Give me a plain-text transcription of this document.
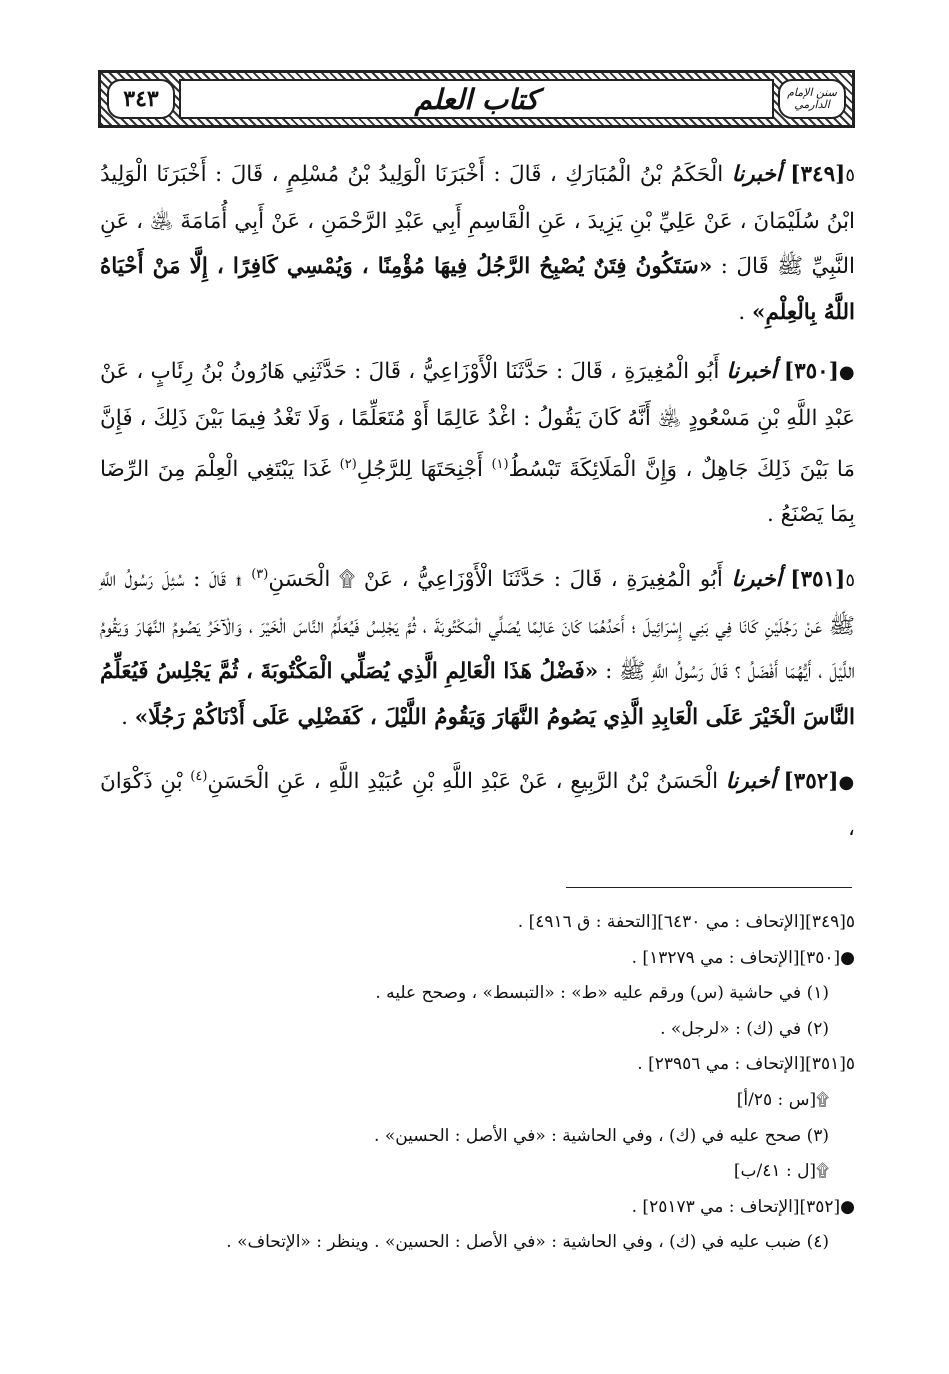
سنن الإمام الدارمي
كتاب العلم
٣٤٣

٥[٣٤٩] أخبرنا الْحَكَمُ بْنُ الْمُبَارَكِ ، قَالَ : أَخْبَرَنَا الْوَلِيدُ بْنُ مُسْلِمٍ ، قَالَ : أَخْبَرَنَا الْوَلِيدُ ابْنُ سُلَيْمَانَ ، عَنْ عَلِيِّ بْنِ يَزِيدَ ، عَنِ الْقَاسِمِ أَبِي عَبْدِ الرَّحْمَنِ ، عَنْ أَبِي أُمَامَةَ ﵁ ، عَنِ النَّبِيِّ ﷺ قَالَ : «سَتَكُونُ فِتَنٌ يُصْبِحُ الرَّجُلُ فِيهَا مُؤْمِنًا ، وَيُمْسِي كَافِرًا ، إِلَّا مَنْ أَحْيَاهُ اللَّهُ بِالْعِلْمِ» .

●[٣٥٠] أخبرنا أَبُو الْمُغِيرَةِ ، قَالَ : حَدَّثَنَا الْأَوْزَاعِيُّ ، قَالَ : حَدَّثَنِي هَارُونُ بْنُ رِئَابٍ ، عَنْ عَبْدِ اللَّهِ بْنِ مَسْعُودٍ ﵁ أَنَّهُ كَانَ يَقُولُ : اغْدُ عَالِمًا أَوْ مُتَعَلِّمًا ، وَلَا تَغْدُ فِيمَا بَيْنَ ذَلِكَ ، فَإِنَّ مَا بَيْنَ ذَلِكَ جَاهِلٌ ، وَإِنَّ الْمَلَائِكَةَ تَبْسُطُ$^{(١)}$ أَجْنِحَتَهَا لِلرَّجُلِ$^{(٢)}$ غَدَا يَبْتَغِي الْعِلْمَ مِنَ الرِّضَا بِمَا يَصْنَعُ .

٥[٣٥١] أخبرنا أَبُو الْمُغِيرَةِ ، قَالَ : حَدَّثَنَا الْأَوْزَاعِيُّ ، عَنْ ۩ الْحَسَنِ$^{(٣)}$ ۩ قَالَ : سُئِلَ رَسُولُ اللَّهِ ﷺ عَنْ رَجُلَيْنِ كَانَا فِي بَنِي إِسْرَائِيلَ ؛ أَحَدُهُمَا كَانَ عَالِمًا يُصَلِّي الْمَكْتُوبَةَ ، ثُمَّ يَجْلِسُ فَيُعَلِّمُ النَّاسَ الْخَيْرَ ، وَالْآخَرُ يَصُومُ النَّهَارَ وَيَقُومُ اللَّيْلَ ، أَيُّهُمَا أَفْضَلُ ؟ قَالَ رَسُولُ اللَّهِ ﷺ : «فَضْلُ هَذَا الْعَالِمِ الَّذِي يُصَلِّي الْمَكْتُوبَةَ ، ثُمَّ يَجْلِسُ فَيُعَلِّمُ النَّاسَ الْخَيْرَ عَلَى الْعَابِدِ الَّذِي يَصُومُ النَّهَارَ وَيَقُومُ اللَّيْلَ ، كَفَضْلِي عَلَى أَدْنَاكُمْ رَجُلًا» .

●[٣٥٢] أخبرنا الْحَسَنُ بْنُ الرَّبِيعِ ، عَنْ عَبْدِ اللَّهِ بْنِ عُبَيْدِ اللَّهِ ، عَنِ الْحَسَنِ$^{(٤)}$ بْنِ ذَكْوَانَ ،

٥[٣٤٩][الإتحاف : مي ٦٤٣٠][التحفة : ق ٤٩١٦] .

●[٣٥٠][الإتحاف : مي ١٣٢٧٩] .

(١) في حاشية (س) ورقم عليه «ط» : «التبسط» ، وصحح عليه .

(٢) في (ك) : «لرجل» .

٥[٣٥١][الإتحاف : مي ٢٣٩٥٦] .

۩[س : ٢٥/أ]

(٣) صحح عليه في (ك) ، وفي الحاشية : «في الأصل : الحسين» .

۩[ل : ٤١/ب]

●[٣٥٢][الإتحاف : مي ٢٥١٧٣] .

(٤) ضبب عليه في (ك) ، وفي الحاشية : «في الأصل : الحسين» . وينظر : «الإتحاف» .
